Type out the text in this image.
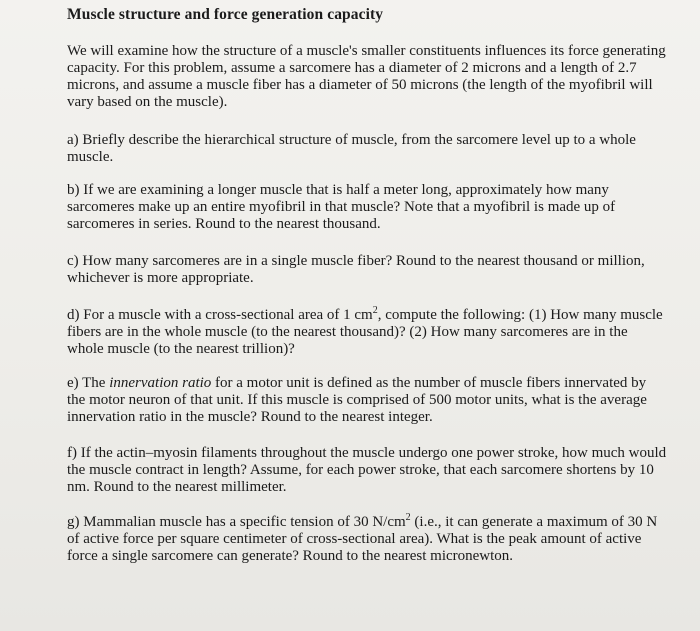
Muscle structure and force generation capacity

We will examine how the structure of a muscle's smaller constituents influences its force generating capacity. For this problem, assume a sarcomere has a diameter of 2 microns and a length of 2.7 microns, and assume a muscle fiber has a diameter of 50 microns (the length of the myofibril will vary based on the muscle).

a) Briefly describe the hierarchical structure of muscle, from the sarcomere level up to a whole muscle.

b) If we are examining a longer muscle that is half a meter long, approximately how many sarcomeres make up an entire myofibril in that muscle? Note that a myofibril is made up of sarcomeres in series. Round to the nearest thousand.

c) How many sarcomeres are in a single muscle fiber? Round to the nearest thousand or million, whichever is more appropriate.

d) For a muscle with a cross-sectional area of 1 $cm^2$, compute the following: (1) How many muscle fibers are in the whole muscle (to the nearest thousand)? (2) How many sarcomeres are in the whole muscle (to the nearest trillion)?

e) The innervation ratio for a motor unit is defined as the number of muscle fibers innervated by the motor neuron of that unit. If this muscle is comprised of 500 motor units, what is the average innervation ratio in the muscle? Round to the nearest integer.

f) If the actin–myosin filaments throughout the muscle undergo one power stroke, how much would the muscle contract in length? Assume, for each power stroke, that each sarcomere shortens by 10 nm. Round to the nearest millimeter.

g) Mammalian muscle has a specific tension of 30 $N/cm^2$ (i.e., it can generate a maximum of 30 N of active force per square centimeter of cross-sectional area). What is the peak amount of active force a single sarcomere can generate? Round to the nearest micronewton.
